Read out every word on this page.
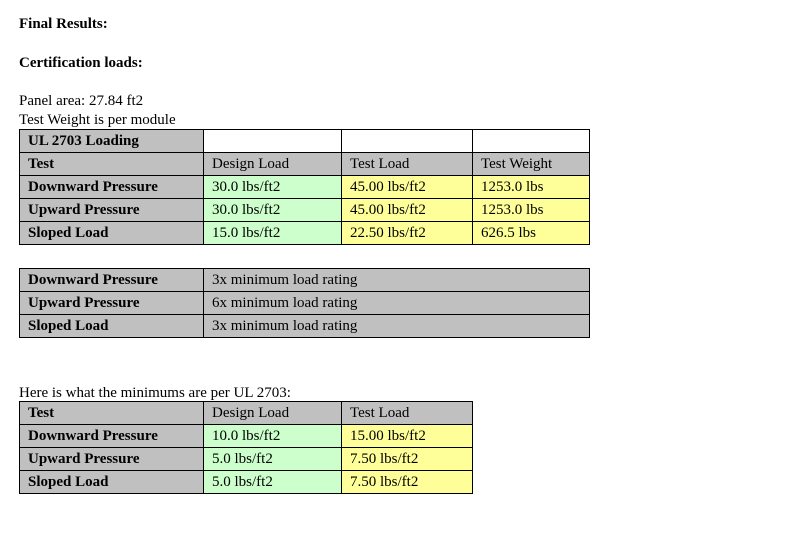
Final Results:
Certification loads:
Panel area: 27.84 ft2
Test Weight is per module
UL 2703 Loading			
Test	Design Load	Test Load	Test Weight
Downward Pressure	30.0 lbs/ft2	45.00 lbs/ft2	1253.0 lbs
Upward Pressure	30.0 lbs/ft2	45.00 lbs/ft2	1253.0 lbs
Sloped Load	15.0 lbs/ft2	22.50 lbs/ft2	626.5 lbs
Downward Pressure	3x minimum load rating
Upward Pressure	6x minimum load rating
Sloped Load	3x minimum load rating
Here is what the minimums are per UL 2703:
Test	Design Load	Test Load
Downward Pressure	10.0 lbs/ft2	15.00 lbs/ft2
Upward Pressure	5.0 lbs/ft2	7.50 lbs/ft2
Sloped Load	5.0 lbs/ft2	7.50 lbs/ft2
